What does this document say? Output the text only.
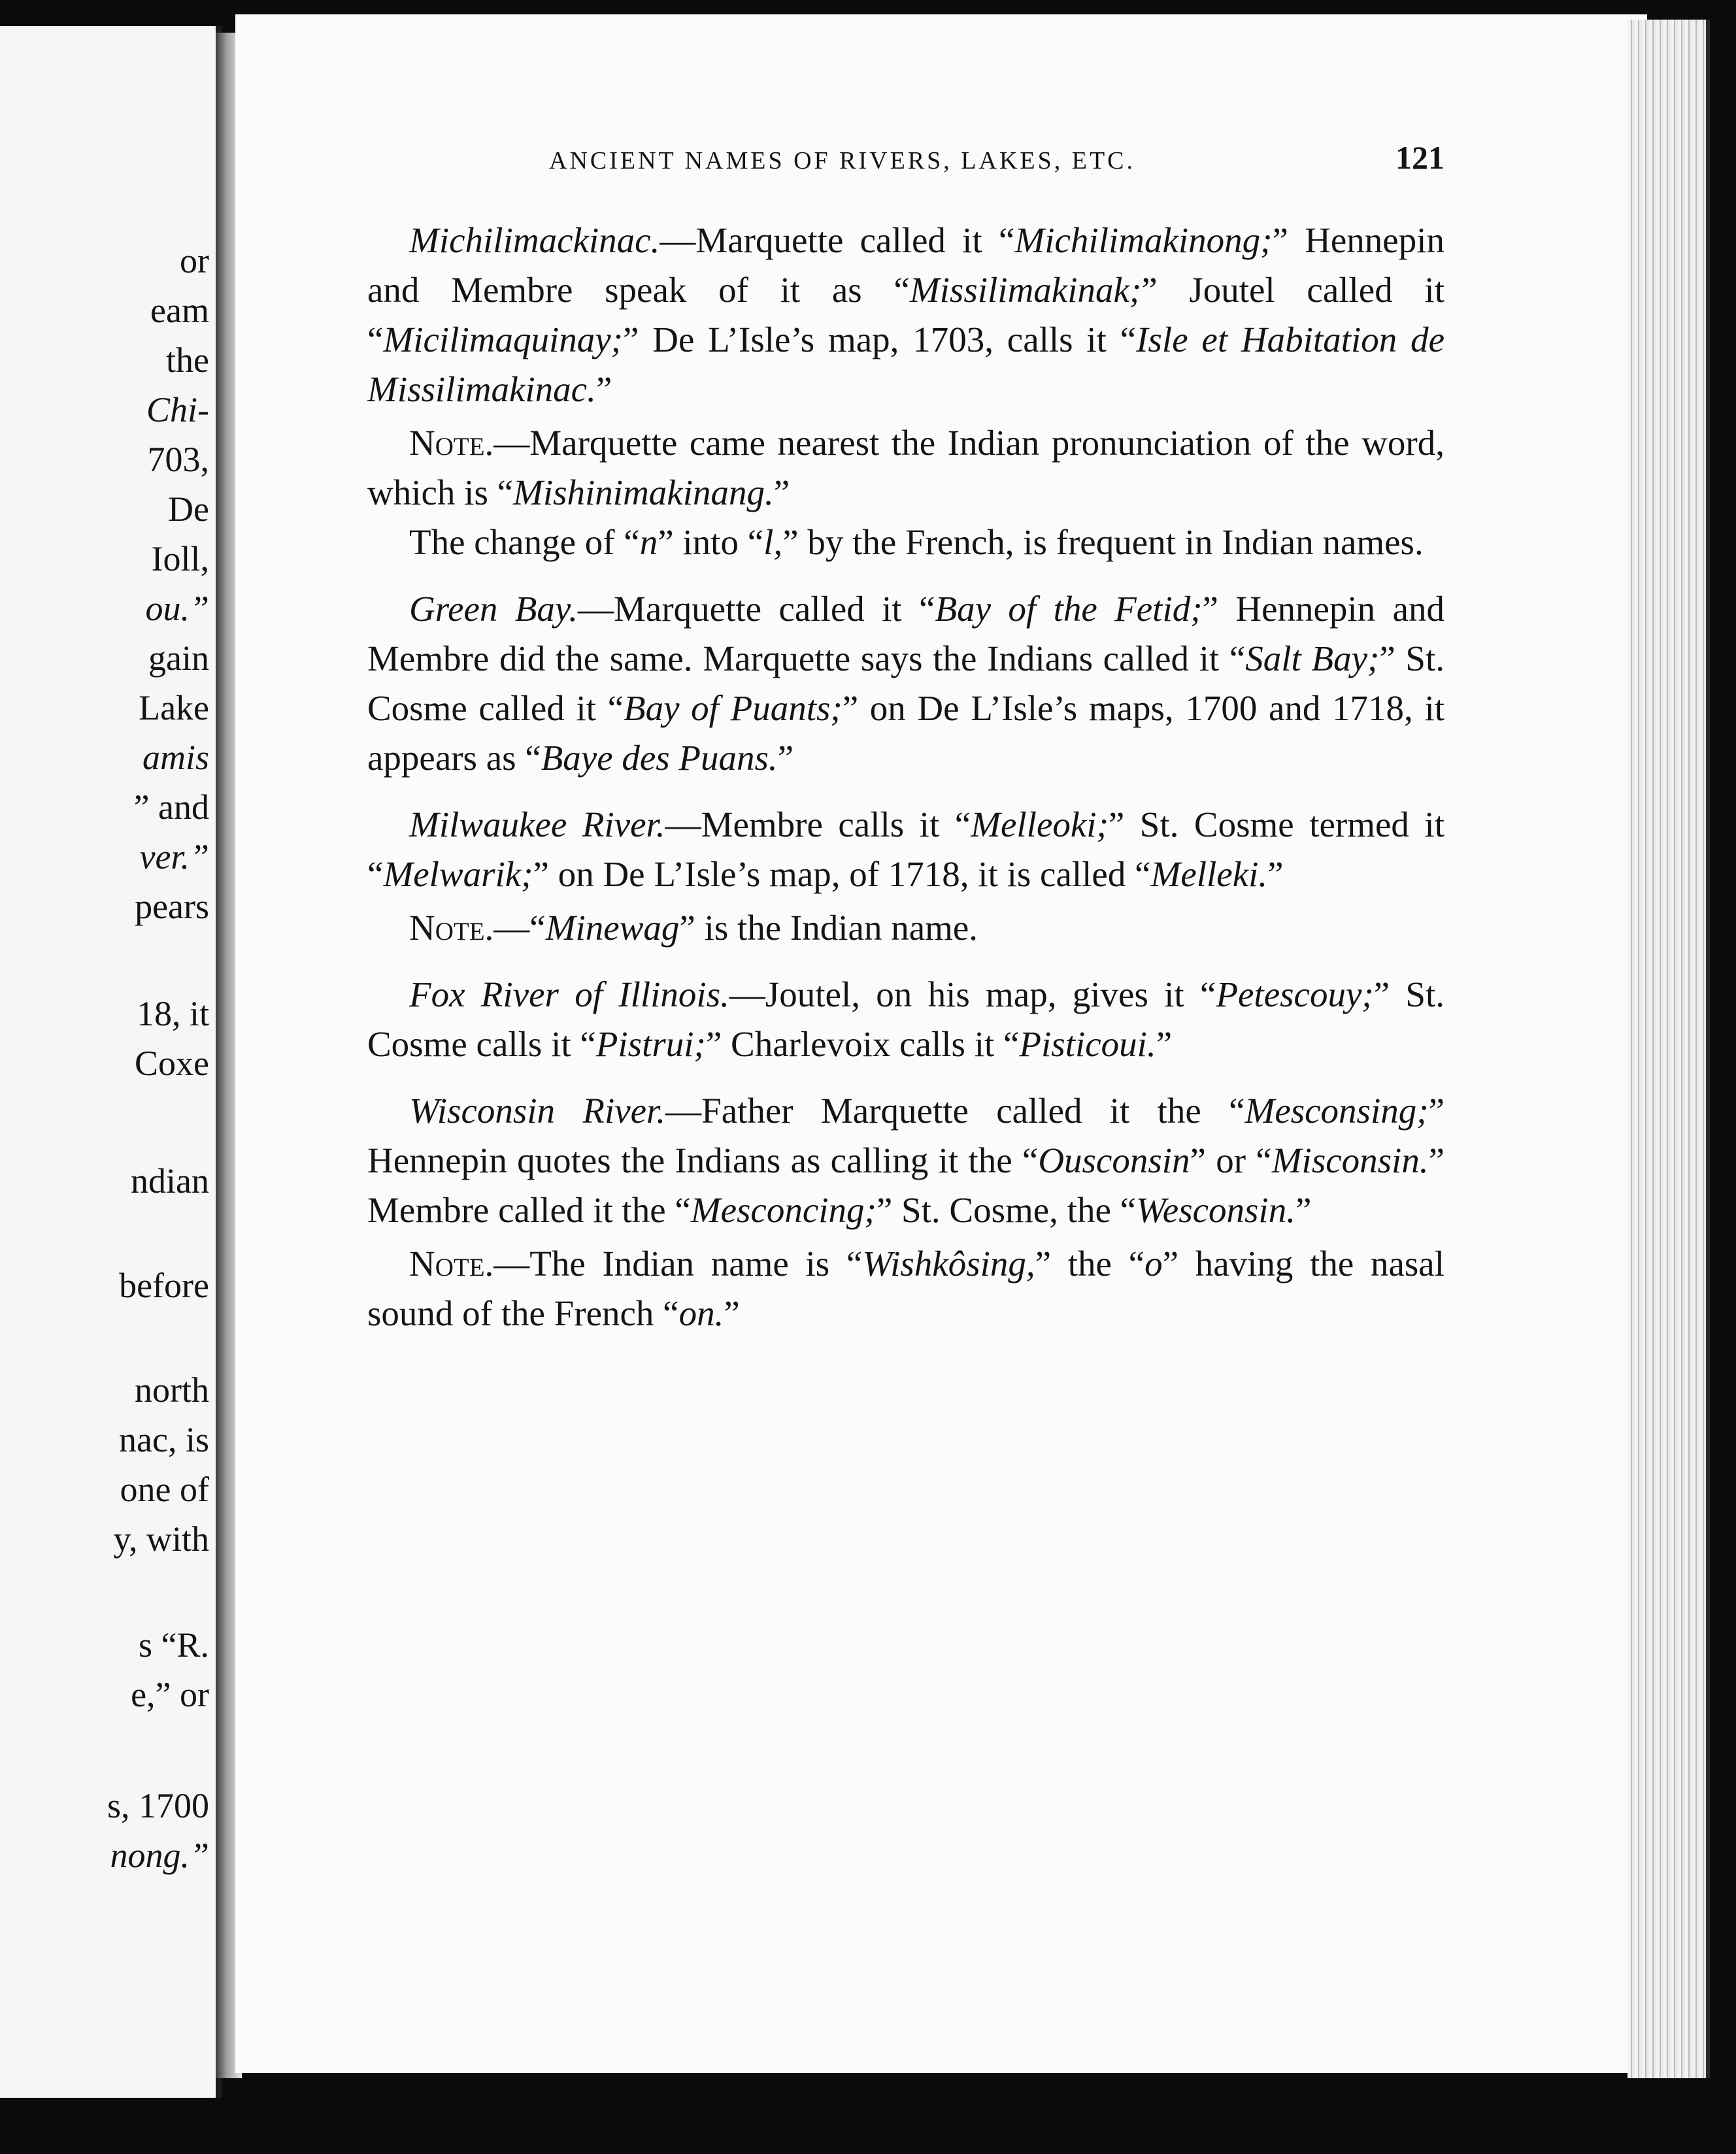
or
eam
the
Chi-
703,
De
Ioll,
ou.”
gain
Lake
amis
” and
ver.”
pears
18, it
Coxe
ndian
before
north
nac, is
one of
y, with
s “R.
e,” or
s, 1700
nong.”
ANCIENT NAMES OF RIVERS, LAKES, ETC.	121

Michilimackinac.—Marquette called it “Michilimakinong;” Hennepin and Membre speak of it as “Missilimakinak;” Joutel called it “Micilimaquinay;” De L’Isle’s map, 1703, calls it “Isle et Habitation de Missilimakinac.”

Note.—Marquette came nearest the Indian pronunciation of the word, which is “Mishinimakinang.”

The change of “n” into “l,” by the French, is frequent in Indian names.

Green Bay.—Marquette called it “Bay of the Fetid;” Hennepin and Membre did the same. Marquette says the Indians called it “Salt Bay;” St. Cosme called it “Bay of Puants;” on De L’Isle’s maps, 1700 and 1718, it appears as “Baye des Puans.”

Milwaukee River.—Membre calls it “Melleoki;” St. Cosme termed it “Melwarik;” on De L’Isle’s map, of 1718, it is called “Melleki.”

Note.—“Minewag” is the Indian name.

Fox River of Illinois.—Joutel, on his map, gives it “Petescouy;” St. Cosme calls it “Pistrui;” Charlevoix calls it “Pisticoui.”

Wisconsin River.—Father Marquette called it the “Mesconsing;” Hennepin quotes the Indians as calling it the “Ousconsin” or “Misconsin.” Membre called it the “Mesconcing;” St. Cosme, the “Wesconsin.”

Note.—The Indian name is “Wishkôsing,” the “o” having the nasal sound of the French “on.”
